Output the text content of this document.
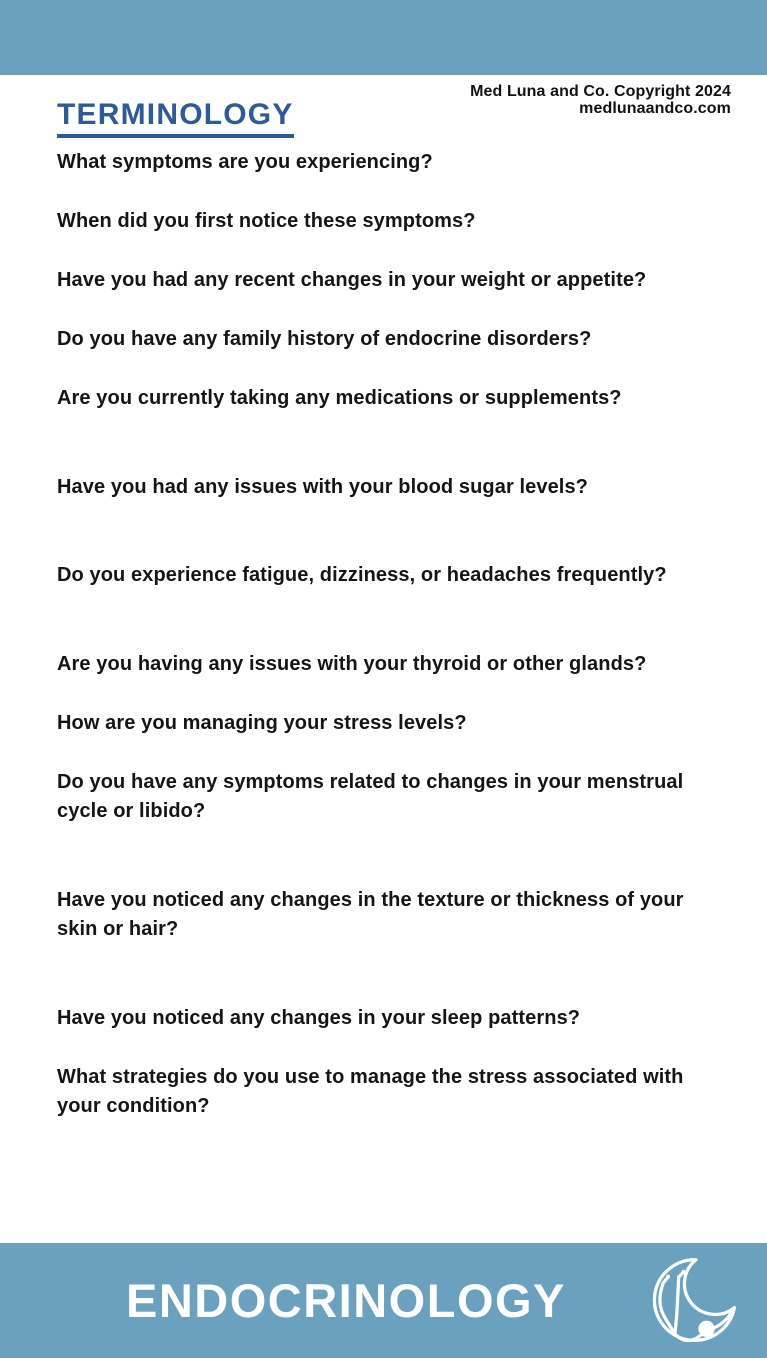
Med Luna and Co. Copyright 2024
medlunaandco.com
TERMINOLOGY
What symptoms are you experiencing?
When did you first notice these symptoms?
Have you had any recent changes in your weight or appetite?
Do you have any family history of endocrine disorders?
Are you currently taking any medications or supplements?
Have you had any issues with your blood sugar levels?
Do you experience fatigue, dizziness, or headaches frequently?
Are you having any issues with your thyroid or other glands?
How are you managing your stress levels?
Do you have any symptoms related to changes in your menstrual cycle or libido?
Have you noticed any changes in the texture or thickness of your skin or hair?
Have you noticed any changes in your sleep patterns?
What strategies do you use to manage the stress associated with your condition?
ENDOCRINOLOGY
